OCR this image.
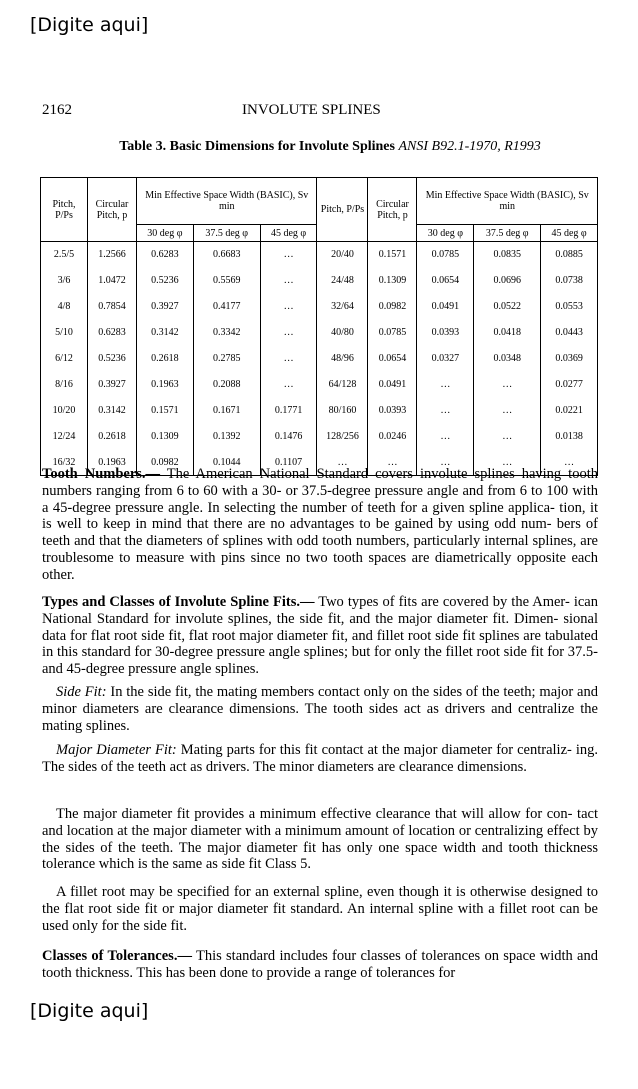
[Digite aqui]
2162	INVOLUTE SPLINES
Table 3. Basic Dimensions for Involute Splines ANSI B92.1-1970, R1993
Pitch, P/Ps	Circular Pitch, p	Min Effective Space Width (BASIC), Sv min			Pitch, P/Ps	Circular Pitch, p	Min Effective Space Width (BASIC), Sv min		
		30 deg φ	37.5 deg φ	45 deg φ			30 deg φ	37.5 deg φ	45 deg φ
2.5/5	1.2566	0.6283	0.6683	…	20/40	0.1571	0.0785	0.0835	0.0885
3/6	1.0472	0.5236	0.5569	…	24/48	0.1309	0.0654	0.0696	0.0738
4/8	0.7854	0.3927	0.4177	…	32/64	0.0982	0.0491	0.0522	0.0553
5/10	0.6283	0.3142	0.3342	…	40/80	0.0785	0.0393	0.0418	0.0443
6/12	0.5236	0.2618	0.2785	…	48/96	0.0654	0.0327	0.0348	0.0369
8/16	0.3927	0.1963	0.2088	…	64/128	0.0491	…	…	0.0277
10/20	0.3142	0.1571	0.1671	0.1771	80/160	0.0393	…	…	0.0221
12/24	0.2618	0.1309	0.1392	0.1476	128/256	0.0246	…	…	0.0138
16/32	0.1963	0.0982	0.1044	0.1107	…	…	…	…	…
Tooth Numbers.— The American National Standard covers involute splines having tooth numbers ranging from 6 to 60 with a 30- or 37.5-degree pressure angle and from 6 to 100 with a 45-degree pressure angle. In selecting the number of teeth for a given spline applica- tion, it is well to keep in mind that there are no advantages to be gained by using odd num- bers of teeth and that the diameters of splines with odd tooth numbers, particularly internal splines, are troublesome to measure with pins since no two tooth spaces are diametrically opposite each other.
Types and Classes of Involute Spline Fits.— Two types of fits are covered by the Amer- ican National Standard for involute splines, the side fit, and the major diameter fit. Dimen- sional data for flat root side fit, flat root major diameter fit, and fillet root side fit splines are tabulated in this standard for 30-degree pressure angle splines; but for only the fillet root side fit for 37.5- and 45-degree pressure angle splines.
Side Fit: In the side fit, the mating members contact only on the sides of the teeth; major and minor diameters are clearance dimensions. The tooth sides act as drivers and centralize the mating splines.
Major Diameter Fit: Mating parts for this fit contact at the major diameter for centraliz- ing. The sides of the teeth act as drivers. The minor diameters are clearance dimensions.
The major diameter fit provides a minimum effective clearance that will allow for con- tact and location at the major diameter with a minimum amount of location or centralizing effect by the sides of the teeth. The major diameter fit has only one space width and tooth thickness tolerance which is the same as side fit Class 5.
A fillet root may be specified for an external spline, even though it is otherwise designed to the flat root side fit or major diameter fit standard. An internal spline with a fillet root can be used only for the side fit.
Classes of Tolerances.— This standard includes four classes of tolerances on space width and tooth thickness. This has been done to provide a range of tolerances for
[Digite aqui]
